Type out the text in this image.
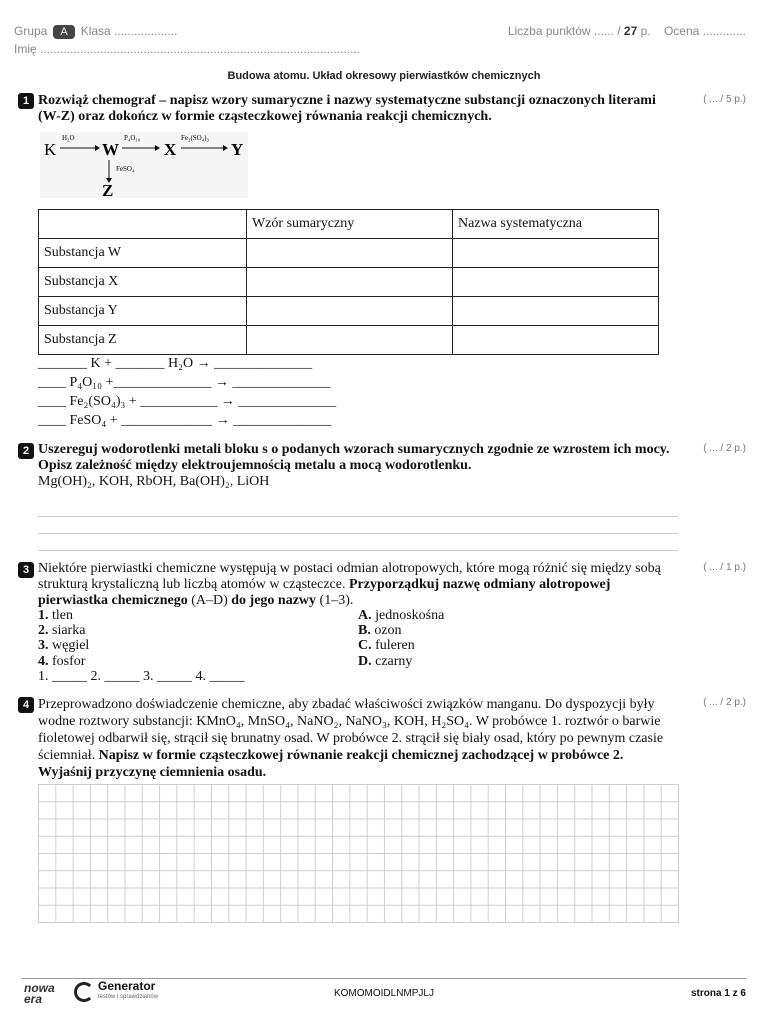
Grupa A Klasa ...................	Liczba punktów ...... / 27 p. Ocena .............
Imię ................................................................................................
Budowa atomu. Układ okresowy pierwiastków chemicznych
1	( ... / 5 p.)
Rozwiąż chemograf – napisz wzory sumaryczne i nazwy systematyczne substancji oznaczonych literami (W-Z) oraz dokończ w formie cząsteczkowej równania reakcji chemicznych.
K
H₂O
W
P₄O₁₀
X
Fe₂(SO₄)₃
Y
FeSO₄
Z
	Wzór sumaryczny	Nazwa systematyczna
Substancja W		
Substancja X		
Substancja Y		
Substancja Z		
_______ K + _______ H₂O → ______________
____ P₄O₁₀ +______________ → ______________
____ Fe₂(SO₄)₃ + ___________ → ______________
____ FeSO₄ + _____________ → ______________
2	( ... / 2 p.)
Uszereguj wodorotlenki metali bloku s o podanych wzorach sumarycznych zgodnie ze wzrostem ich mocy. Opisz zależność między elektroujemnością metalu a mocą wodorotlenku.
Mg(OH)₂, KOH, RbOH, Ba(OH)₂, LiOH
3	( ... / 1 p.)
Niektóre pierwiastki chemiczne występują w postaci odmian alotropowych, które mogą różnić się między sobą strukturą krystaliczną lub liczbą atomów w cząsteczce. Przyporządkuj nazwę odmiany alotropowej pierwiastka chemicznego (A–D) do jego nazwy (1–3).
1. tlen
2. siarka
3. węgiel
4. fosfor
A. jednoskośna
B. ozon
C. fuleren
D. czarny
1. _____ 2. _____ 3. _____ 4. _____
4	( ... / 2 p.)
Przeprowadzono doświadczenie chemiczne, aby zbadać właściwości związków manganu. Do dyspozycji były wodne roztwory substancji: KMnO₄, MnSO₄, NaNO₂, NaNO₃, KOH, H₂SO₄. W probówce 1. roztwór o barwie fioletowej odbarwił się, strącił się brunatny osad. W probówce 2. strącił się biały osad, który po pewnym czasie ściemniał. Napisz w formie cząsteczkowej równanie reakcji chemicznej zachodzącej w probówce 2. Wyjaśnij przyczynę ciemnienia osadu.
nowa
era
Generator
testów i sprawdzianów	KOMOMOIDLNMPJLJ	strona 1 z 6
